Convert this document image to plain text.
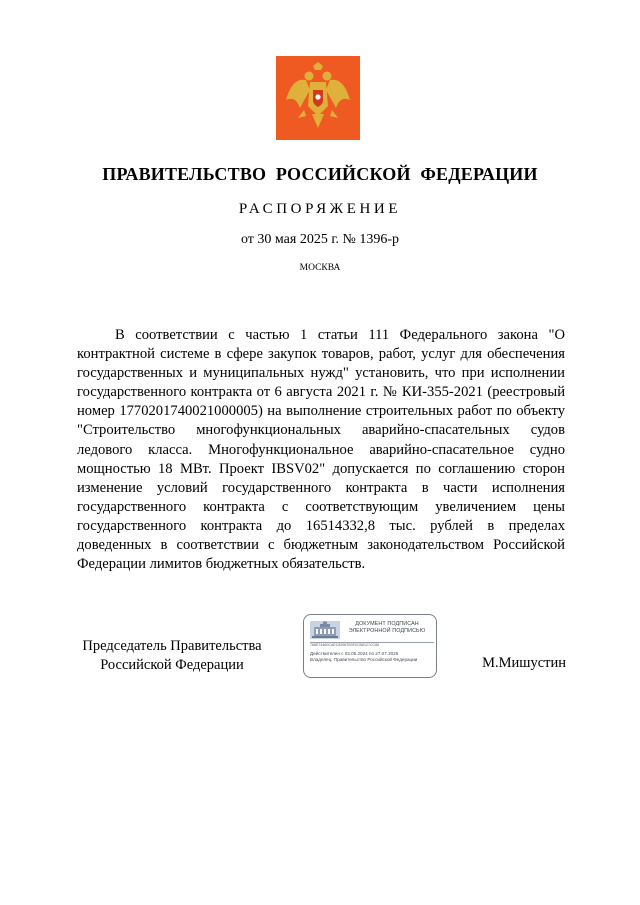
ПРАВИТЕЛЬСТВО РОССИЙСКОЙ ФЕДЕРАЦИИ
РАСПОРЯЖЕНИЕ
от 30 мая 2025 г. № 1396-р
МОСКВА

В соответствии с частью 1 статьи 111 Федерального закона "О контрактной системе в сфере закупок товаров, работ, услуг для обеспечения государственных и муниципальных нужд" установить, что при исполнении государственного контракта от 6 августа 2021 г. № КИ-355-2021 (реестровый номер 1770201740021000005) на выполнение строительных работ по объекту "Строительство многофункциональных аварийно-спасательных судов ледового класса. Многофункциональное аварийно-спасательное судно мощностью 18 МВт. Проект IBSV02" допускается по соглашению сторон изменение условий государственного контракта в части исполнения государственного контракта с соответствующим увеличением цены государственного контракта до 16514332,8 тыс. рублей в пределах доведенных в соответствии с бюджетным законодательством Российской Федерации лимитов бюджетных обязательств.

Председатель Правительства
Российской Федерации
ДОКУМЕНТ ПОДПИСАН
ЭЛЕКТРОННОЙ ПОДПИСЬЮ
766E74460CAEC83967B3F0CB8127CC86
Действителен с 03.05.2024 по 27.07.2025
Владелец: Правительство Российской Федерации	М.Мишустин
